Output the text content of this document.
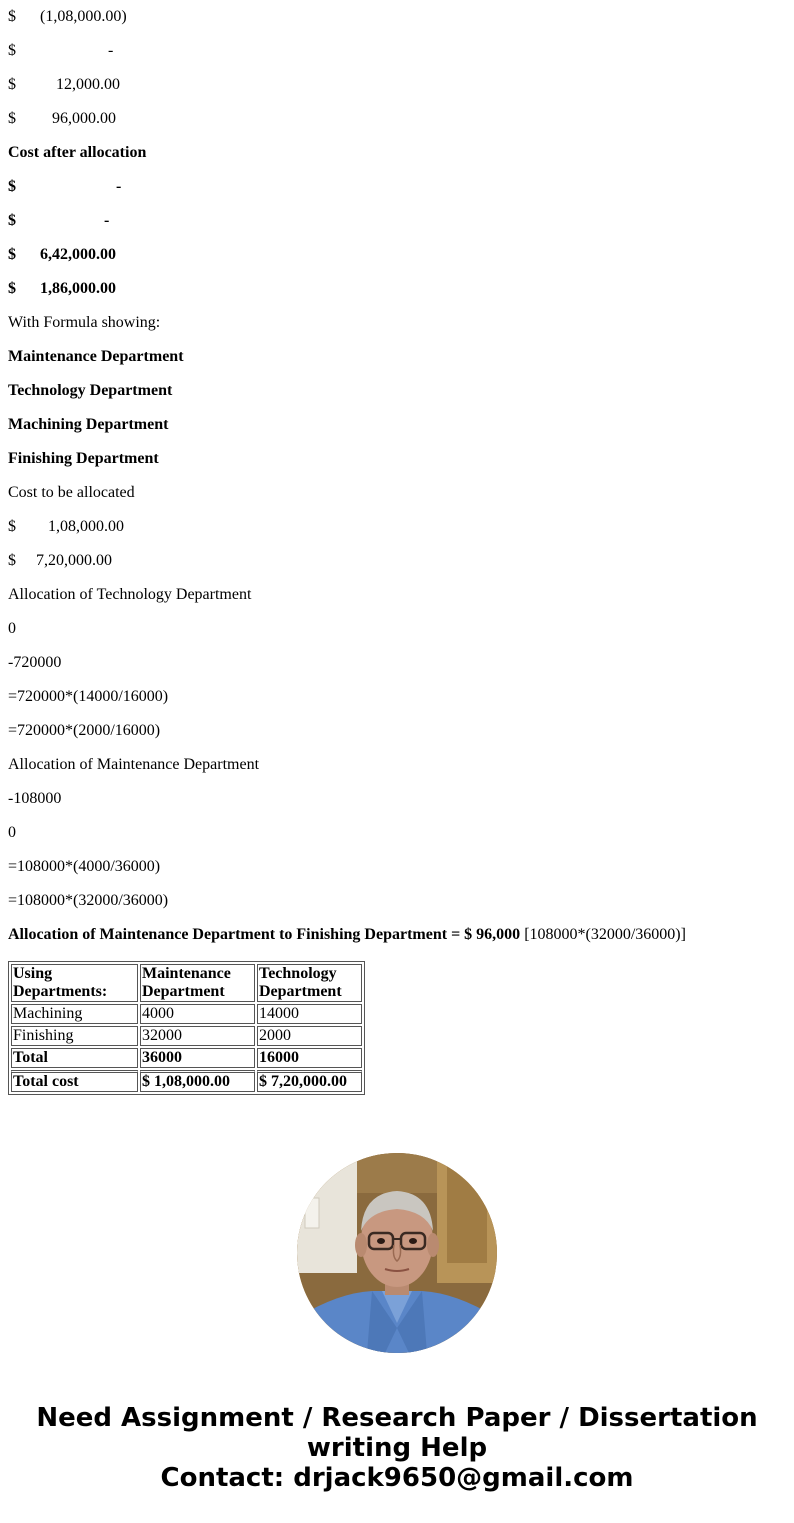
$      (1,08,000.00)
$                       -
$          12,000.00
$         96,000.00
Cost after allocation
$                         -
$                      -
$      6,42,000.00
$      1,86,000.00
With Formula showing:
Maintenance Department
Technology Department
Machining Department
Finishing Department
Cost to be allocated
$        1,08,000.00
$     7,20,000.00
Allocation of Technology Department
0
-720000
=720000*(14000/16000)
=720000*(2000/16000)
Allocation of Maintenance Department
-108000
0
=108000*(4000/36000)
=108000*(32000/36000)
Allocation of Maintenance Department to Finishing Department = $ 96,000 [108000*(32000/36000)]
Using Departments:	Maintenance Department	Technology Department
Machining	4000	14000
Finishing	32000	2000
Total	36000	16000
Total cost	$ 1,08,000.00	$ 7,20,000.00
Need Assignment / Research Paper / Dissertation
writing Help
Contact: drjack9650@gmail.com
